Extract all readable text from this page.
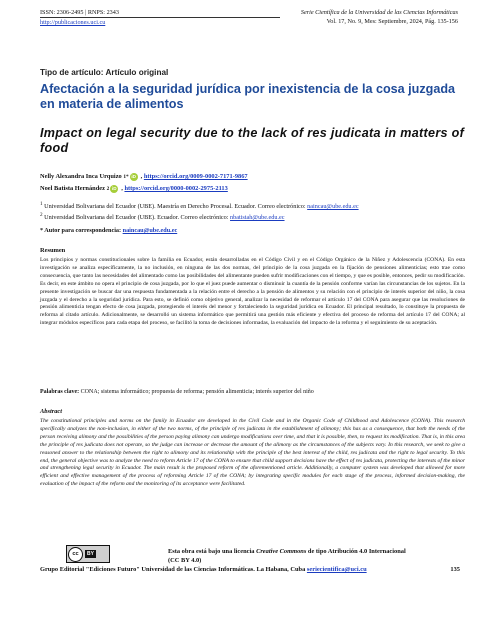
ISSN: 2306-2495 | RNPS: 2343
http://publicaciones.uci.cu
Serie Científica de la Universidad de las Ciencias Informáticas
Vol. 17, No. 9, Mes: Septiembre, 2024, Pág. 135-156
Tipo de artículo: Artículo original
Afectación a la seguridad jurídica por inexistencia de la cosa juzgada en materia de alimentos
Impact on legal security due to the lack of res judicata in matters of food
Nelly Alexandra Inca Urquizo
1* iD , https://orcid.org/0009-0002-7171-9867
Noel Batista Hernández
2 iD , https://orcid.org/0000-0002-2975-2113
$^1$ Universidad Bolivariana del Ecuador (UBE). Maestría en Derecho Procesal. Ecuador. Correo electrónico: naincau@ube.edu.ec
$^2$ Universidad Bolivariana del Ecuador (UBE). Ecuador. Correo electrónico: nbatistah@ube.edu.ec
* Autor para correspondencia: naincau@ube.edu.ec
Resumen

Los principios y normas constitucionales sobre la familia en Ecuador, están desarrolladas en el Código Civil y en el Código Orgánico de la Niñez y Adolescencia (CONA). En esta investigación se analiza específicamente, la no inclusión, en ninguna de las dos normas, del principio de la cosa juzgada en la fijación de pensiones alimenticias; esto trae como consecuencia, que tanto las necesidades del alimentado como las posibilidades del alimentante pueden sufrir modificaciones con el tiempo, y que es posible, entonces, pedir su modificación. Es decir, en este ámbito no opera el principio de cosa juzgada, por lo que el juez puede aumentar o disminuir la cuantía de la pensión conforme varían las circunstancias de los sujetos. En la presente investigación se buscar dar una respuesta fundamentada a la relación entre el derecho a la pensión de alimentos y su relación con el principio de interés superior del niño, la cosa juzgada y el derecho a la seguridad jurídica. Para esto, se definió como objetivo general, analizar la necesidad de reformar el artículo 17 del CONA para asegurar que las resoluciones de pensión alimenticia tengan efecto de cosa juzgada, protegiendo el interés del menor y fortaleciendo la seguridad jurídica en Ecuador. El principal resultado, lo constituye la propuesta de reforma al citado artículo. Adicionalmente, se desarrolló un sistema informático que permitirá una gestión más eficiente y efectiva del proceso de reforma del artículo 17 del CONA; al integrar módulos específicos para cada etapa del proceso, se facilitó la toma de decisiones informadas, la evaluación del impacto de la reforma y el seguimiento de su aceptación.

Palabras clave: CONA; sistema informático; propuesta de reforma; pensión alimenticia; interés superior del niño
Abstract

The constitutional principles and norms on the family in Ecuador are developed in the Civil Code and in the Organic Code of Childhood and Adolescence (CONA). This research specifically analyzes the non-inclusion, in either of the two norms, of the principle of res judicata in the establishment of alimony; this has as a consequence, that both the needs of the person receiving alimony and the possibilities of the person paying alimony can undergo modifications over time, and that it is possible, then, to request its modification. That is, in this area the principle of res judicata does not operate, so the judge can increase or decrease the amount of the alimony as the circumstances of the subjects vary. In this research, we seek to give a reasoned answer to the relationship between the right to alimony and its relationship with the principle of the best interest of the child, res judicata and the right to legal security. To this end, the general objective was to analyze the need to reform Article 17 of the CONA to ensure that child support decisions have the effect of res judicata, protecting the interests of the minor and strengthening legal security in Ecuador. The main result is the proposed reform of the aforementioned article. Additionally, a computer system was developed that allowed for more efficient and effective management of the process of reforming Article 17 of the CONA; by integrating specific modules for each stage of the process, informed decision-making, the evaluation of the impact of the reform and the monitoring of its acceptance were facilitated.

cc	BY	Esta obra está bajo una licencia Creative Commons de tipo Atribución 4.0 Internacional
(CC BY 4.0)
Grupo Editorial "Ediciones Futuro" Universidad de las Ciencias Informáticas. La Habana, Cuba seriecientifica@uci.cu	135
